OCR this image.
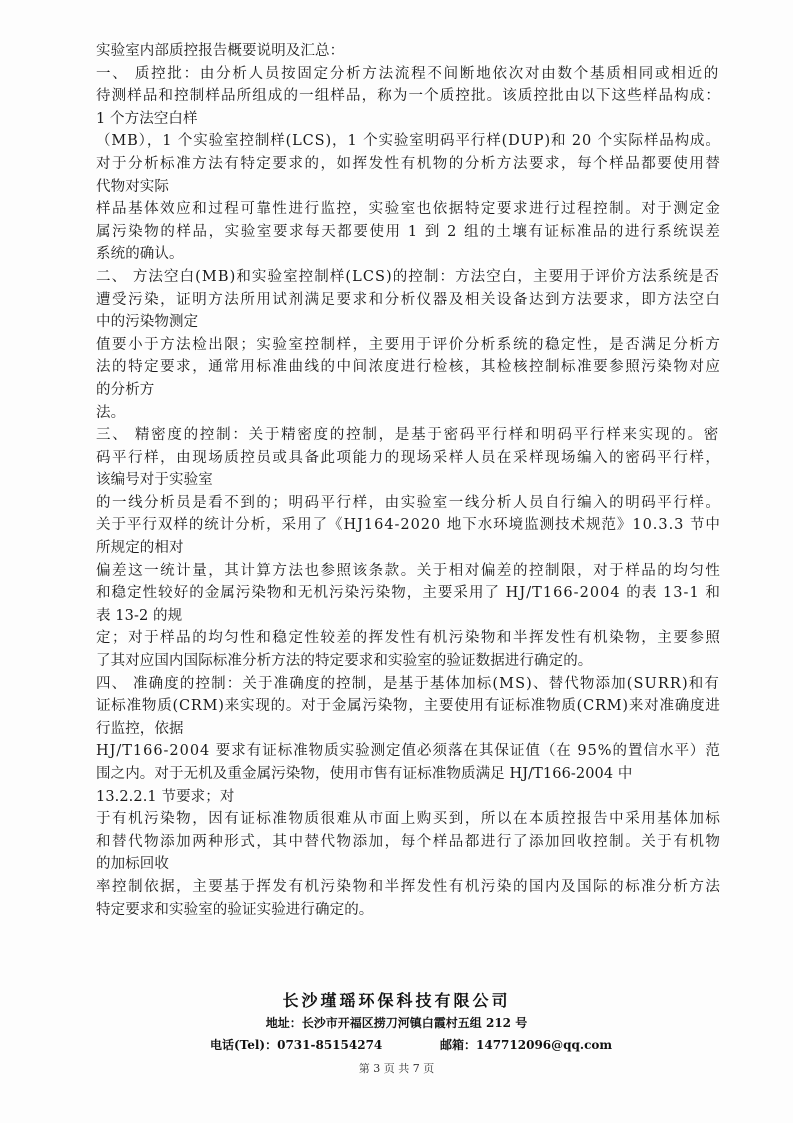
实验室内部质控报告概要说明及汇总：
一、 质控批：由分析人员按固定分析方法流程不间断地依次对由数个基质相同或相近的
待测样品和控制样品所组成的一组样品，称为一个质控批。该质控批由以下这些样品构成：
1 个方法空白样
（MB），1 个实验室控制样(LCS)，1 个实验室明码平行样(DUP)和 20 个实际样品构成。
对于分析标准方法有特定要求的，如挥发性有机物的分析方法要求，每个样品都要使用替
代物对实际
样品基体效应和过程可靠性进行监控，实验室也依据特定要求进行过程控制。对于测定金
属污染物的样品，实验室要求每天都要使用 1 到 2 组的土壤有证标准品的进行系统误差
系统的确认。
二、 方法空白(MB)和实验室控制样(LCS)的控制：方法空白，主要用于评价方法系统是否
遭受污染，证明方法所用试剂满足要求和分析仪器及相关设备达到方法要求，即方法空白
中的污染物测定
值要小于方法检出限；实验室控制样，主要用于评价分析系统的稳定性，是否满足分析方
法的特定要求，通常用标准曲线的中间浓度进行检核，其检核控制标准要参照污染物对应
的分析方
法。
三、 精密度的控制：关于精密度的控制，是基于密码平行样和明码平行样来实现的。密
码平行样，由现场质控员或具备此项能力的现场采样人员在采样现场编入的密码平行样，
该编号对于实验室
的一线分析员是看不到的；明码平行样，由实验室一线分析人员自行编入的明码平行样。
关于平行双样的统计分析，采用了《HJ164-2020 地下水环境监测技术规范》10.3.3 节中
所规定的相对
偏差这一统计量，其计算方法也参照该条款。关于相对偏差的控制限，对于样品的均匀性
和稳定性较好的金属污染物和无机污染污染物，主要采用了 HJ/T166-2004 的表 13-1 和
表 13-2 的规
定；对于样品的均匀性和稳定性较差的挥发性有机污染物和半挥发性有机染物，主要参照
了其对应国内国际标准分析方法的特定要求和实验室的验证数据进行确定的。
四、 准确度的控制：关于准确度的控制，是基于基体加标(MS)、替代物添加(SURR)和有
证标准物质(CRM)来实现的。对于金属污染物，主要使用有证标准物质(CRM)来对准确度进
行监控，依据
HJ/T166-2004 要求有证标准物质实验测定值必须落在其保证值（在 95%的置信水平）范
围之内。对于无机及重金属污染物，使用市售有证标准物质满足 HJ/T166-2004 中
13.2.2.1 节要求；对
于有机污染物，因有证标准物质很难从市面上购买到，所以在本质控报告中采用基体加标
和替代物添加两种形式，其中替代物添加，每个样品都进行了添加回收控制。关于有机物
的加标回收
率控制依据，主要基于挥发有机污染物和半挥发性有机污染的国内及国际的标准分析方法
特定要求和实验室的验证实验进行确定的。
长沙瑾瑶环保科技有限公司
地址：长沙市开福区捞刀河镇白霞村五组 212 号
电话(Tel)：0731-85154274	邮箱：147712096@qq.com
第 3 页 共 7 页
